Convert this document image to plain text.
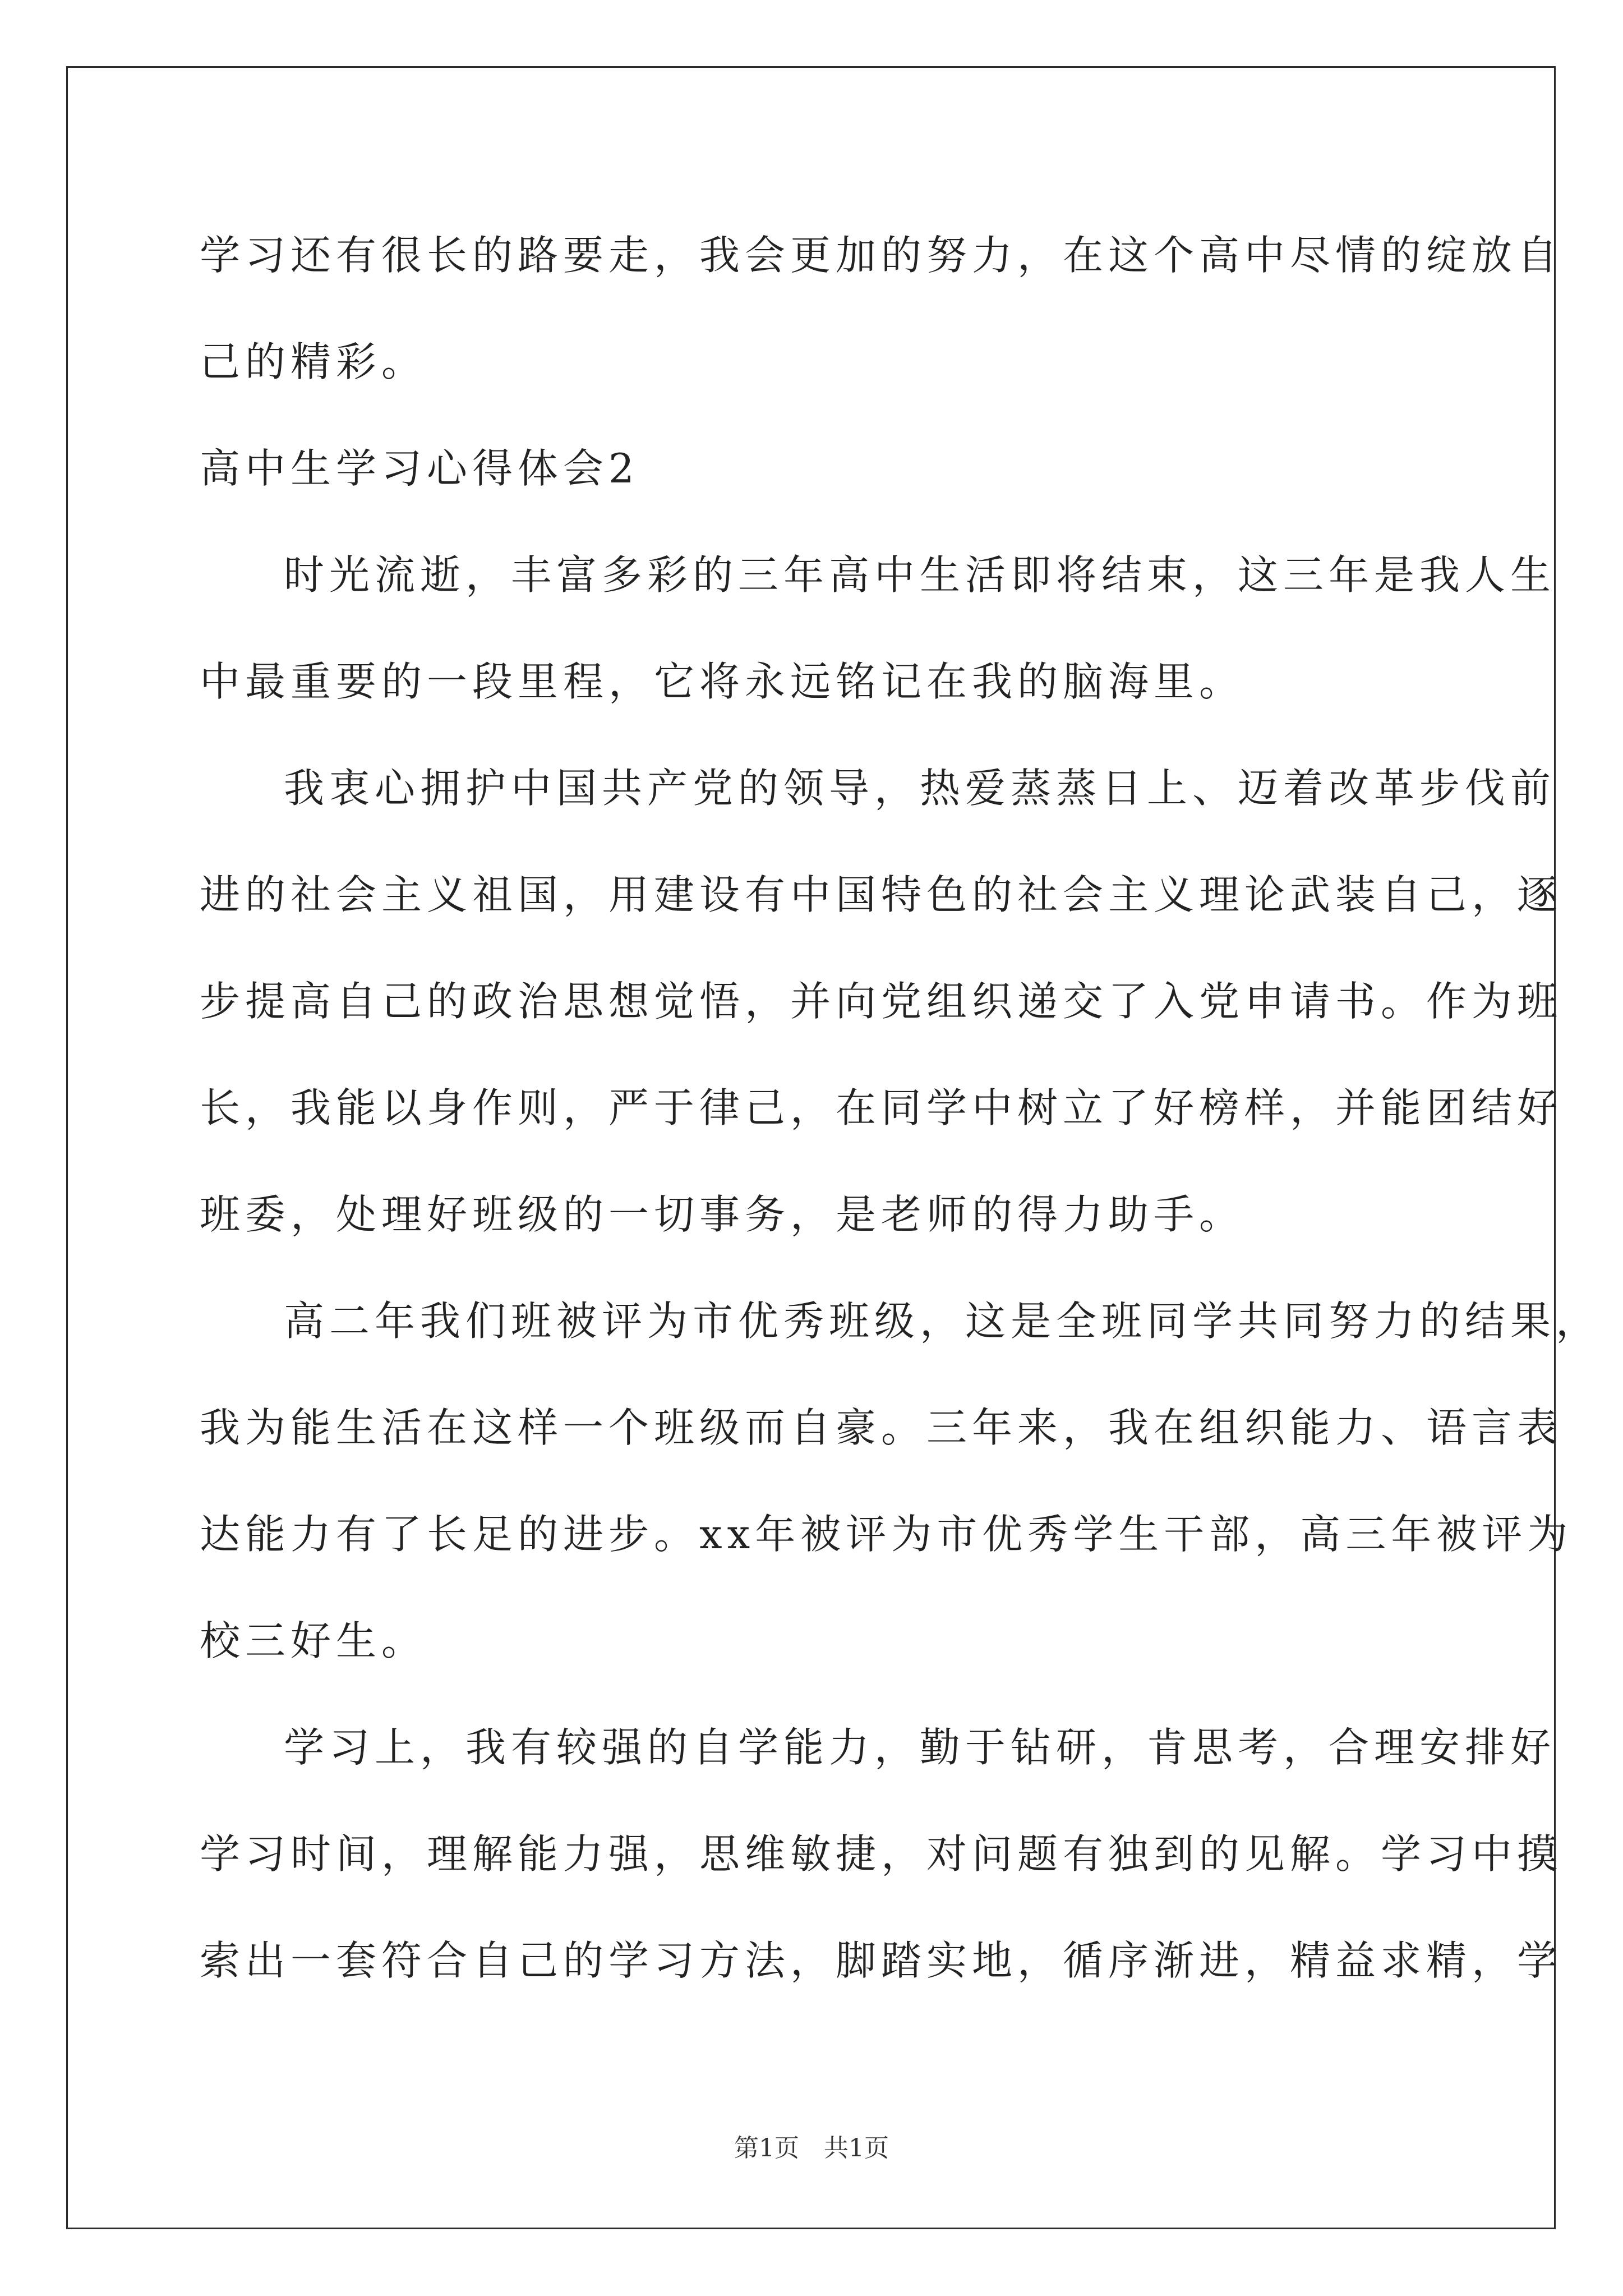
学习还有很长的路要走，我会更加的努力，在这个高中尽情的绽放自
己的精彩。
高中生学习心得体会2
时光流逝，丰富多彩的三年高中生活即将结束，这三年是我人生
中最重要的一段里程，它将永远铭记在我的脑海里。
我衷心拥护中国共产党的领导，热爱蒸蒸日上、迈着改革步伐前
进的社会主义祖国，用建设有中国特色的社会主义理论武装自己，逐
步提高自己的政治思想觉悟，并向党组织递交了入党申请书。作为班
长，我能以身作则，严于律己，在同学中树立了好榜样，并能团结好
班委，处理好班级的一切事务，是老师的得力助手。
高二年我们班被评为市优秀班级，这是全班同学共同努力的结果，
我为能生活在这样一个班级而自豪。三年来，我在组织能力、语言表
达能力有了长足的进步。xx年被评为市优秀学生干部，高三年被评为
校三好生。
学习上，我有较强的自学能力，勤于钻研，肯思考，合理安排好
学习时间，理解能力强，思维敏捷，对问题有独到的见解。学习中摸
索出一套符合自己的学习方法，脚踏实地，循序渐进，精益求精，学
第1页 共1页
